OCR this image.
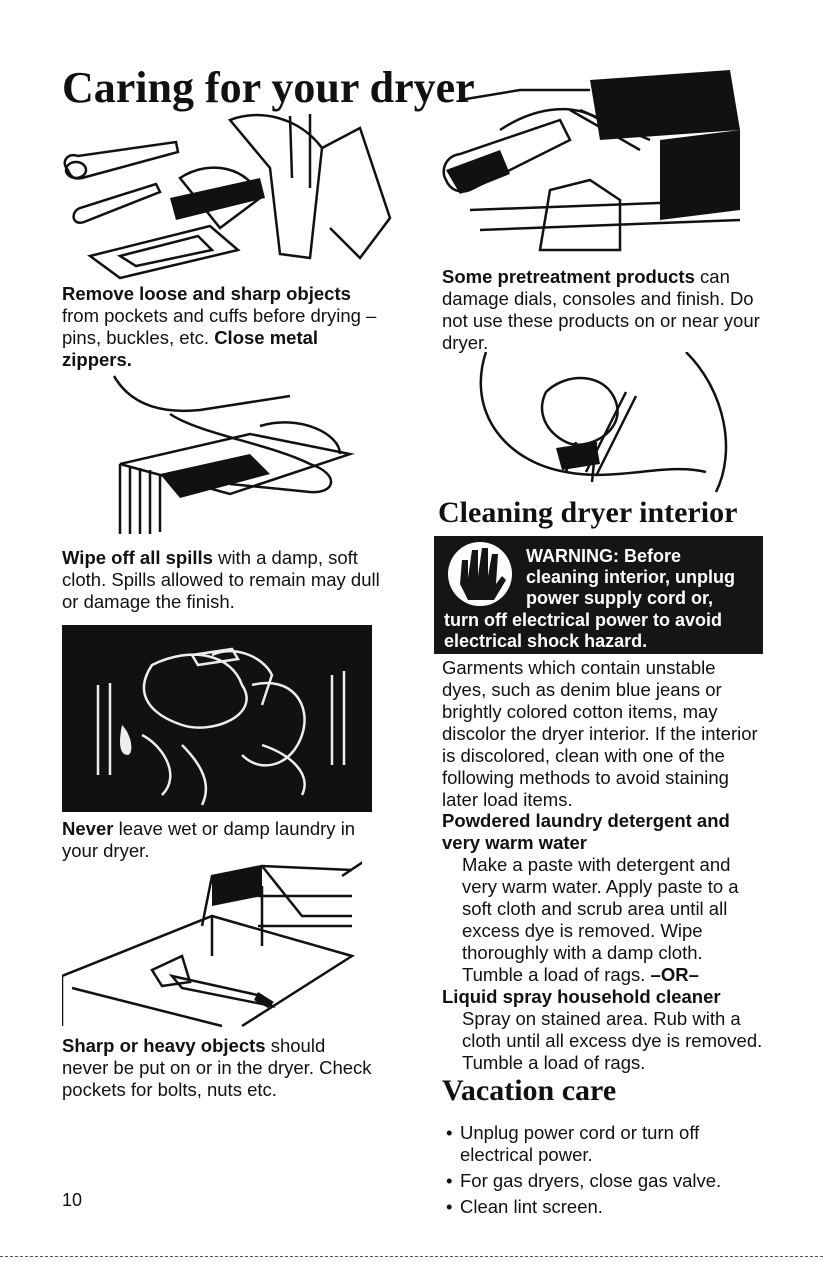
Caring for your dryer

Remove loose and sharp objects from pockets and cuffs before drying – pins, buckles, etc. Close metal zippers.

Wipe off all spills with a damp, soft cloth. Spills allowed to remain may dull or damage the finish.

Never leave wet or damp laundry in your dryer.

Sharp or heavy objects should never be put on or in the dryer. Check pockets for bolts, nuts etc.

10

Some pretreatment products can damage dials, consoles and finish. Do not use these products on or near your dryer.

Cleaning dryer interior
WARNING: Before cleaning interior, unplug power supply cord or,
turn off electrical power to avoid electrical shock hazard.

Garments which contain unstable dyes, such as denim blue jeans or brightly colored cotton items, may discolor the dryer interior. If the interior is discolored, clean with one of the following methods to avoid staining later load items.

Powdered laundry detergent and very warm water

Make a paste with detergent and very warm water. Apply paste to a soft cloth and scrub area until all excess dye is removed. Wipe thoroughly with a damp cloth. Tumble a load of rags. –OR–

Liquid spray household cleaner

Spray on stained area. Rub with a cloth until all excess dye is removed. Tumble a load of rags.

Vacation care
• Unplug power cord or turn off electrical power.
• For gas dryers, close gas valve.
• Clean lint screen.
